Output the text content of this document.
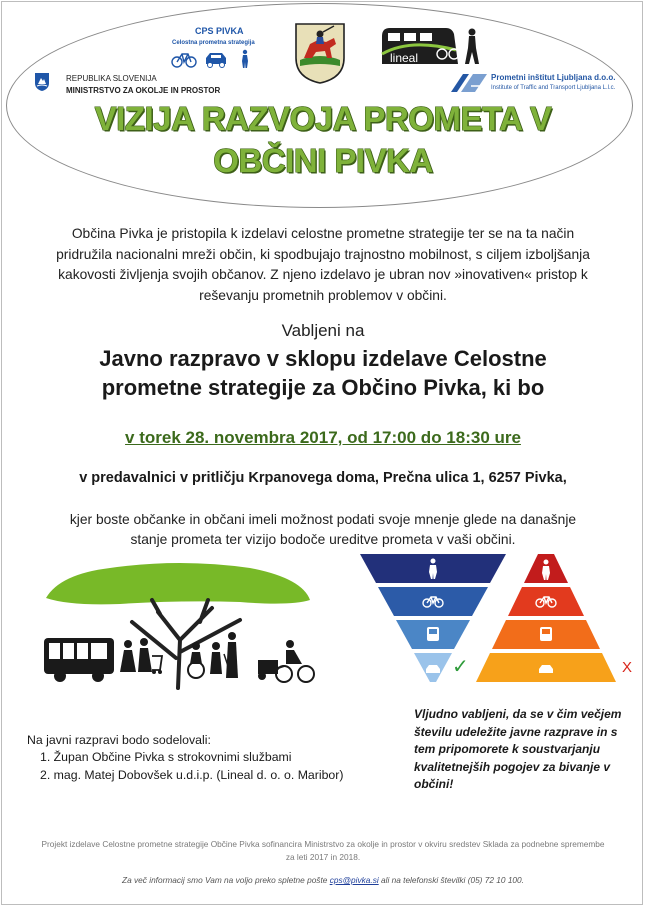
CPS PIVKA
Celostna prometna strategija
lineal
REPUBLIKA SLOVENIJA
MINISTRSTVO ZA OKOLJE IN PROSTOR
Prometni inštitut Ljubljana d.o.o.
Institute of Traffic and Transport Ljubljana L.l.c.
VIZIJA RAZVOJA PROMETA V
OBČINI PIVKA
Občina Pivka je pristopila k izdelavi celostne prometne strategije ter se na ta način pridružila nacionalni mreži občin, ki spodbujajo trajnostno mobilnost, s ciljem izboljšanja kakovosti življenja svojih občanov. Z njeno izdelavo je ubran nov »inovativen« pristop k reševanju prometnih problemov v občini.
Vabljeni na
Javno razpravo v sklopu izdelave Celostne
prometne strategije za Občino Pivka, ki bo
v torek 28. novembra 2017, od 17:00 do 18:30 ure
v predavalnici v pritličju Krpanovega doma, Prečna ulica 1, 6257 Pivka,
kjer boste občanke in občani imeli možnost podati svoje mnenje glede na današnje stanje prometa ter vizijo bodoče ureditve prometa v vaši občini.
✓	X
Na javni razpravi bodo sodelovali:
1. Župan Občine Pivka s strokovnimi službami
2. mag. Matej Dobovšek u.d.i.p. (Lineal d. o. o. Maribor)
Vljudno vabljeni, da se v čim večjem številu udeležite javne razprave in s tem pripomorete k soustvarjanju kvalitetnejših pogojev za bivanje v občini!
Projekt izdelave Celostne prometne strategije Občine Pivka sofinancira Ministrstvo za okolje in prostor v okviru sredstev Sklada za podnebne spremembe za leti 2017 in 2018.
Za več informacij smo Vam na voljo preko spletne pošte cps@pivka.si ali na telefonski številki (05) 72 10 100.
